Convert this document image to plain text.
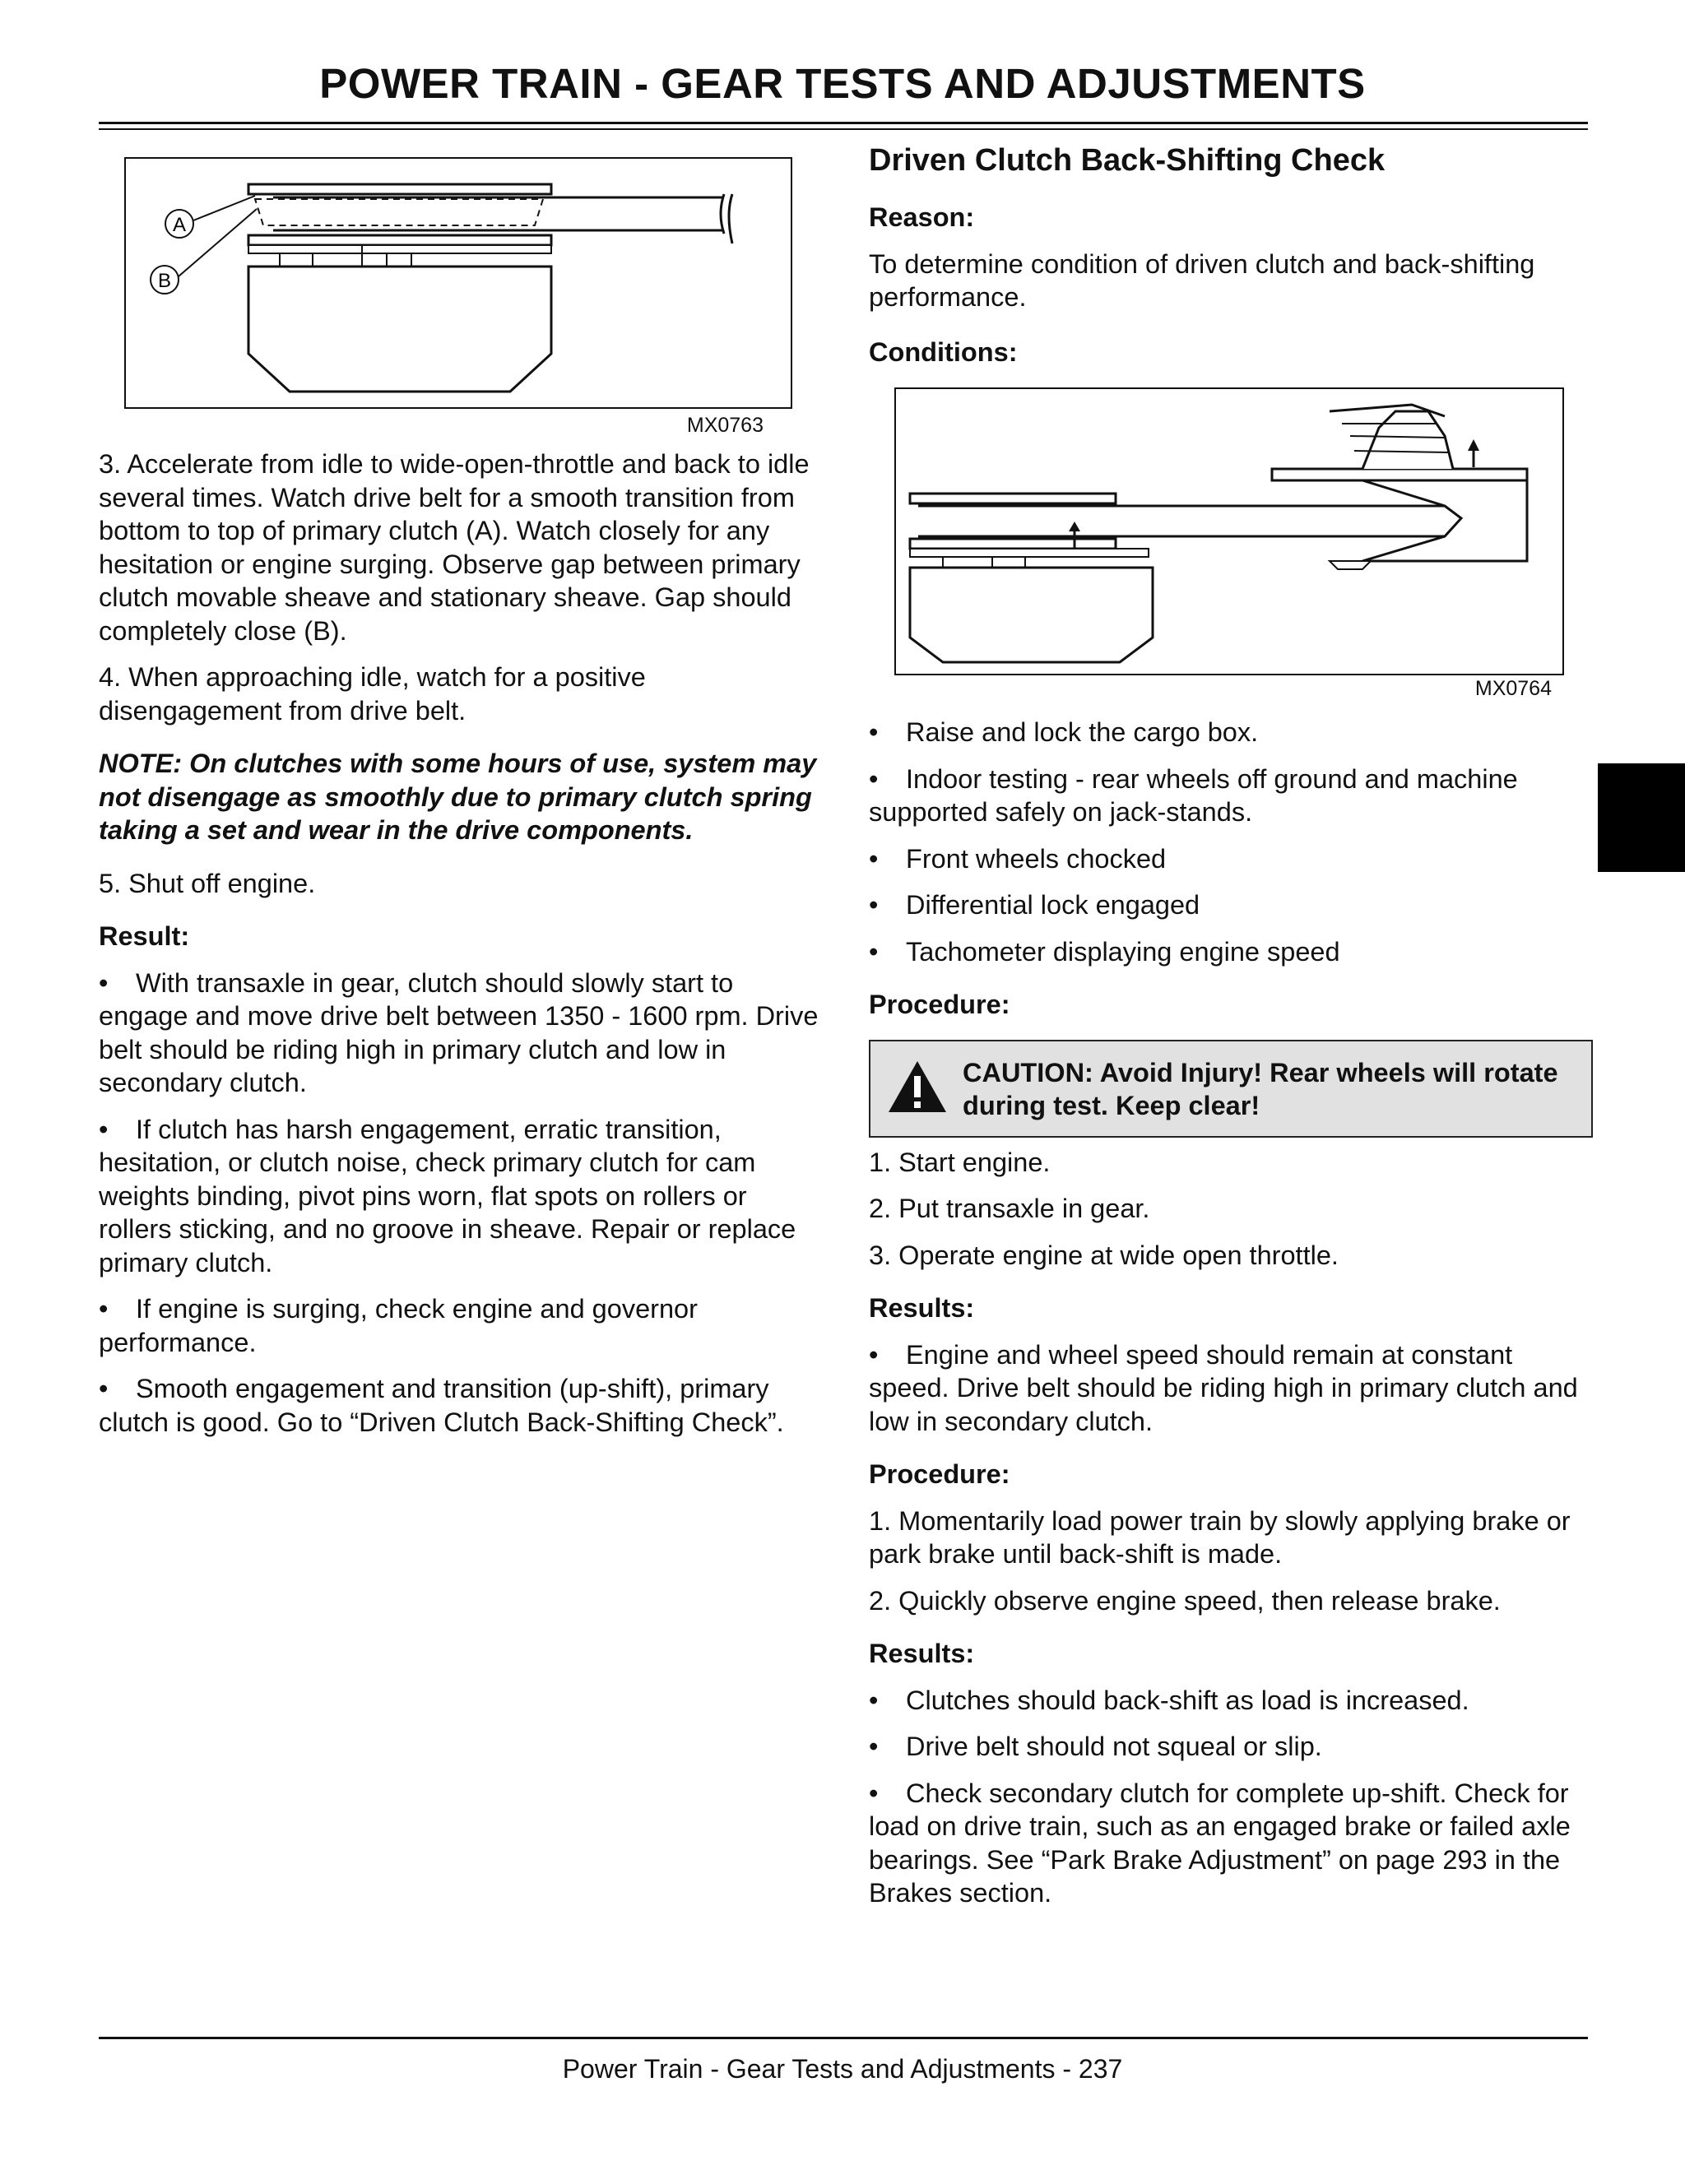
POWER TRAIN - GEAR TESTS AND ADJUSTMENTS
A
B
MX0763

3. Accelerate from idle to wide-open-throttle and back to idle several times. Watch drive belt for a smooth transition from bottom to top of primary clutch (A). Watch closely for any hesitation or engine surging. Observe gap between primary clutch movable sheave and stationary sheave. Gap should completely close (B).

4. When approaching idle, watch for a positive disengagement from drive belt.

NOTE: On clutches with some hours of use, system may not disengage as smoothly due to primary clutch spring taking a set and wear in the drive components.

5. Shut off engine.

Result:

• With transaxle in gear, clutch should slowly start to engage and move drive belt between 1350 - 1600 rpm. Drive belt should be riding high in primary clutch and low in secondary clutch.

• If clutch has harsh engagement, erratic transition, hesitation, or clutch noise, check primary clutch for cam weights binding, pivot pins worn, flat spots on rollers or rollers sticking, and no groove in sheave. Repair or replace primary clutch.

• If engine is surging, check engine and governor performance.

• Smooth engagement and transition (up-shift), primary clutch is good. Go to “Driven Clutch Back-Shifting Check”.

Driven Clutch Back-Shifting Check

Reason:

To determine condition of driven clutch and back-shifting performance.

Conditions:

MX0764

• Raise and lock the cargo box.

• Indoor testing - rear wheels off ground and machine supported safely on jack-stands.

• Front wheels chocked

• Differential lock engaged

• Tachometer displaying engine speed

Procedure:

CAUTION: Avoid Injury! Rear wheels will rotate during test. Keep clear!

1. Start engine.

2. Put transaxle in gear.

3. Operate engine at wide open throttle.

Results:

• Engine and wheel speed should remain at constant speed. Drive belt should be riding high in primary clutch and low in secondary clutch.

Procedure:

1. Momentarily load power train by slowly applying brake or park brake until back-shift is made.

2. Quickly observe engine speed, then release brake.

Results:

• Clutches should back-shift as load is increased.

• Drive belt should not squeal or slip.

• Check secondary clutch for complete up-shift. Check for load on drive train, such as an engaged brake or failed axle bearings. See “Park Brake Adjustment” on page 293 in the Brakes section.

Power Train - Gear Tests and Adjustments - 237
